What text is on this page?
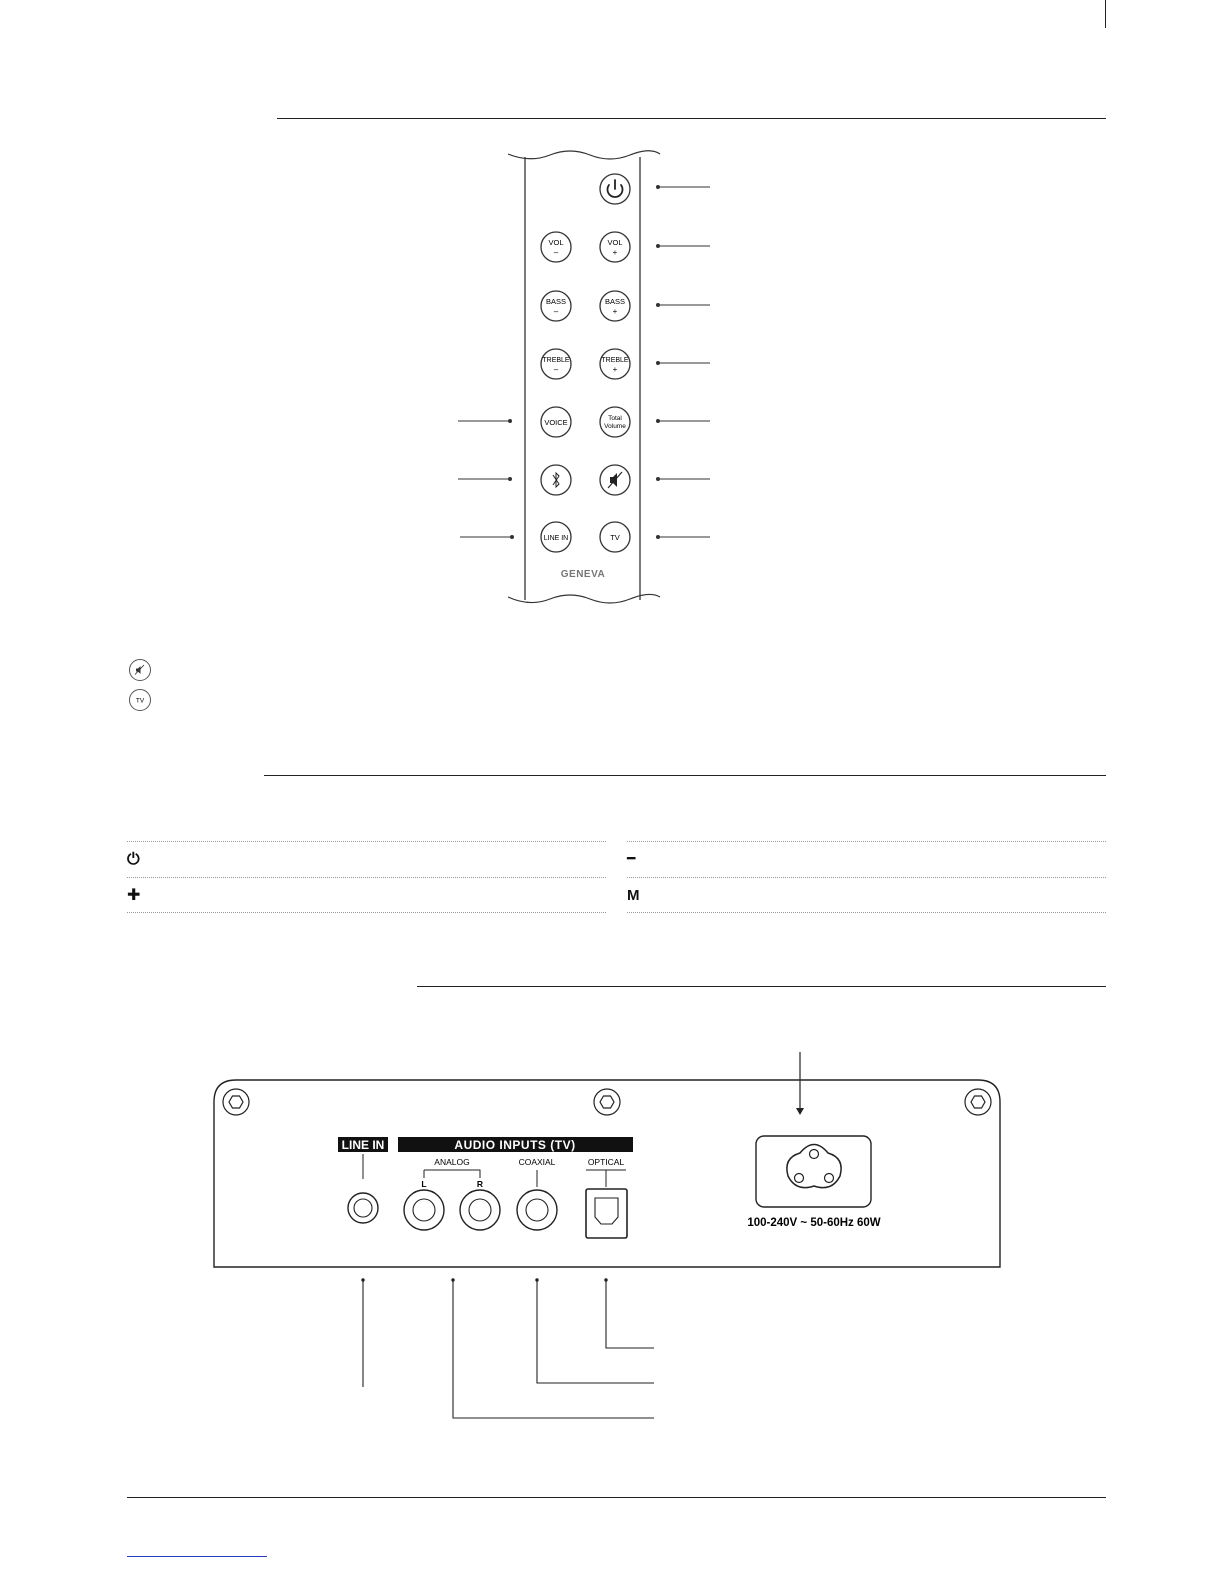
VOL
–
VOL
+
BASS
–
BASS
+
TREBLE
–
TREBLE
+
VOICE	Total
Volume
LINE IN	TV
GENEVA
TV
⏻	━
✚	M
LINE IN	AUDIO INPUTS (TV)
ANALOG
L	R
COAXIAL	OPTICAL
100-240V ~ 50-60Hz 60W
